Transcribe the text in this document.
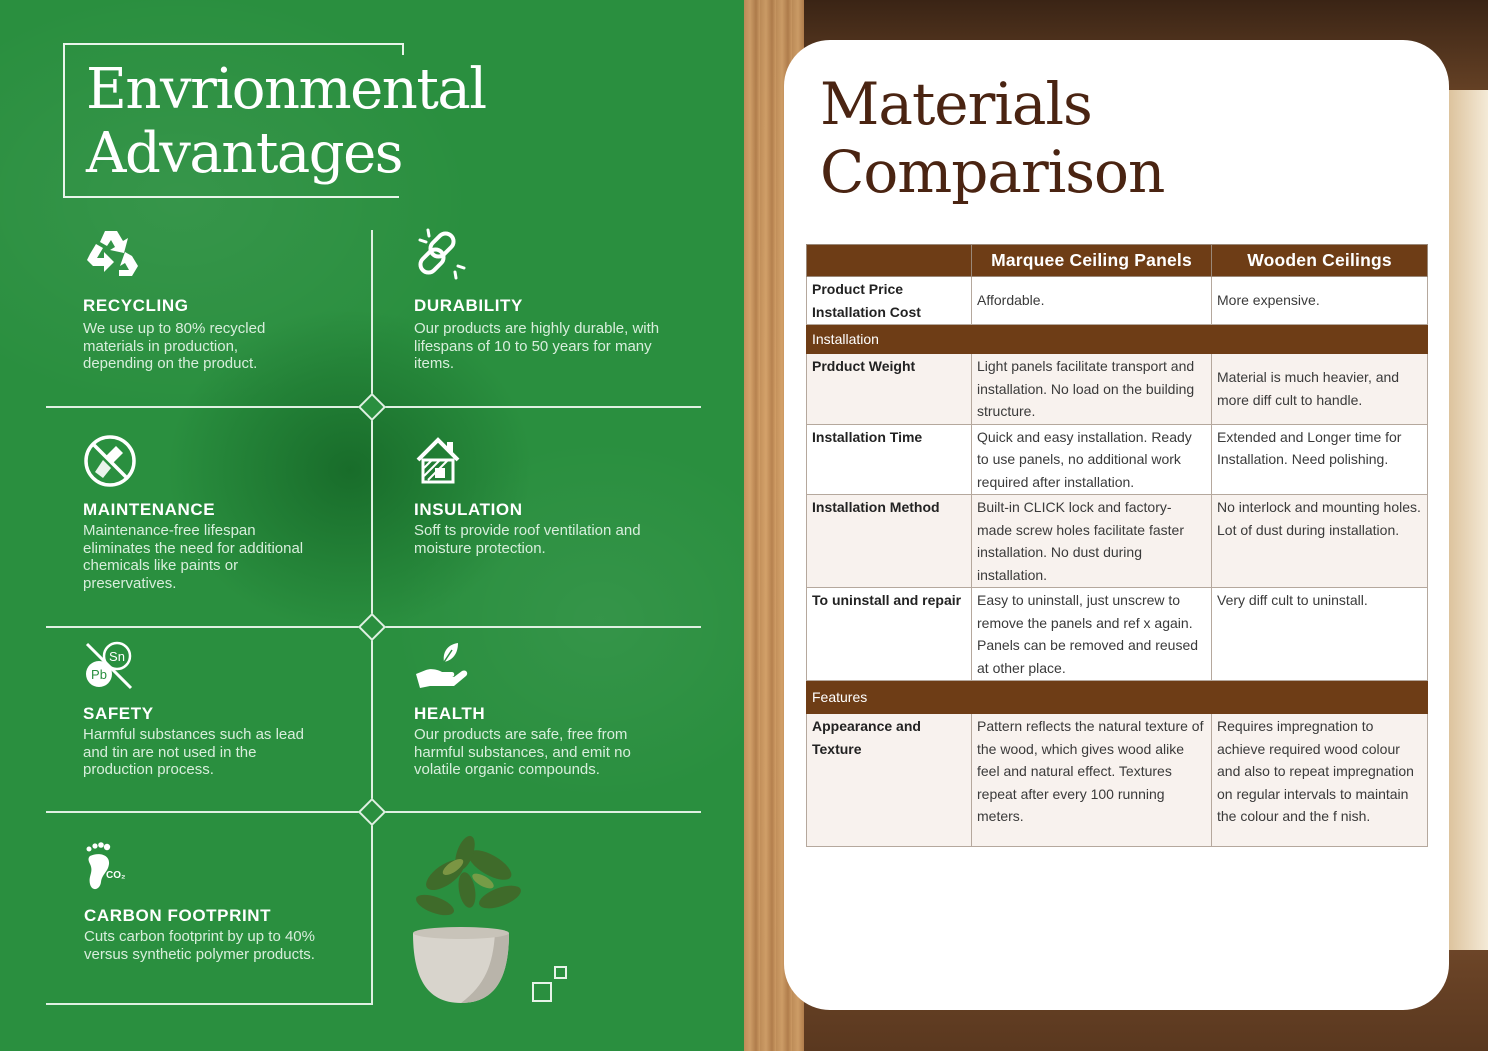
Envrionmental
Advantages
RECYCLING

We use up to 80% recycled materials in production, depending on the product.

DURABILITY

Our products are highly durable, with lifespans of 10 to 50 years for many items.

MAINTENANCE

Maintenance-free lifespan eliminates the need for additional chemicals like paints or preservatives.

INSULATION

Soff ts provide roof ventilation and moisture protection.

Sn
Pb
SAFETY

Harmful substances such as lead and tin are not used in the production process.

HEALTH

Our products are safe, free from harmful substances, and emit no volatile organic compounds.

CO₂
CARBON FOOTPRINT

Cuts carbon footprint by up to 40% versus synthetic polymer products.

Materials
Comparison
	Marquee Ceiling Panels	Wooden Ceilings

Product Price
Installation Cost	Affordable.	More expensive.
Installation		
Prdduct Weight	Light panels facilitate transport and installation. No load on the building structure.	Material is much heavier, and more diff cult to handle.
Installation Time	Quick and easy installation. Ready to use panels, no additional work required after installation.	Extended and Longer time for Installation. Need polishing.
Installation Method	Built-in CLICK lock and factory-made screw holes facilitate faster installation. No dust during installation.	No interlock and mounting holes. Lot of dust during installation.
To uninstall and repair	Easy to uninstall, just unscrew to remove the panels and ref x again. Panels can be removed and reused at other place.	Very diff cult to uninstall.
Features		
Appearance and Texture	Pattern reflects the natural texture of the wood, which gives wood alike feel and natural effect. Textures repeat after every 100 running meters.	Requires impregnation to achieve required wood colour and also to repeat impregnation on regular intervals to maintain the colour and the f nish.
